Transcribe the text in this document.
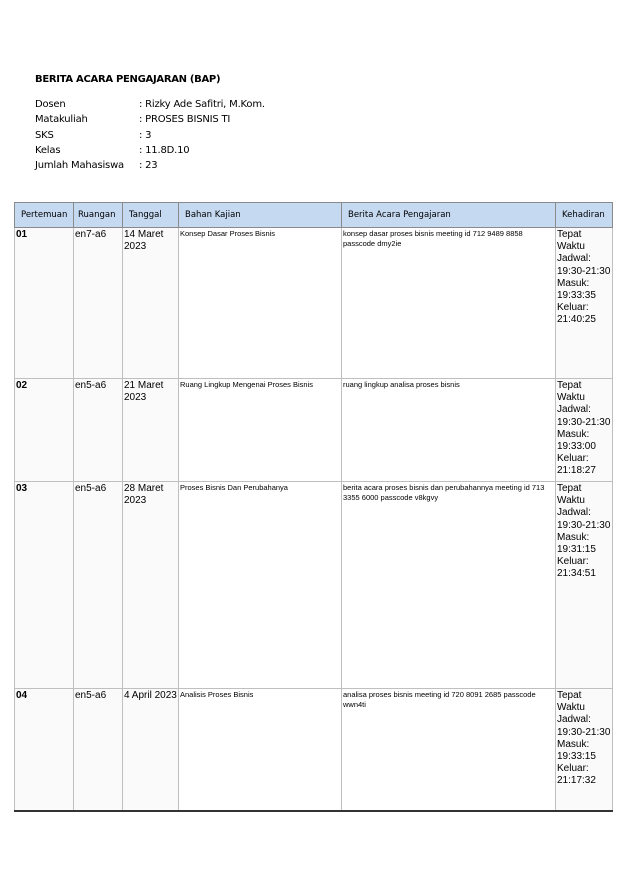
BERITA ACARA PENGAJARAN (BAP)
Dosen	: Rizky Ade Safitri, M.Kom.
Matakuliah	: PROSES BISNIS TI
SKS	: 3
Kelas	: 11.8D.10
Jumlah Mahasiswa	: 23
Pertemuan	Ruangan	Tanggal	Bahan Kajian	Berita Acara Pengajaran	Kehadiran
01	en7-a6	14 Maret 2023	Konsep Dasar Proses Bisnis	konsep dasar proses bisnis meeting id 712 9489 8858 passcode dmy2ie	Tepat Waktu Jadwal: 19:30-21:30 Masuk: 19:33:35 Keluar: 21:40:25
02	en5-a6	21 Maret 2023	Ruang Lingkup Mengenai Proses Bisnis	ruang lingkup analisa proses bisnis	Tepat Waktu Jadwal: 19:30-21:30 Masuk: 19:33:00 Keluar: 21:18:27
03	en5-a6	28 Maret 2023	Proses Bisnis Dan Perubahanya	berita acara proses bisnis dan perubahannya meeting id 713 3355 6000 passcode v8kgvy	Tepat Waktu Jadwal: 19:30-21:30 Masuk: 19:31:15 Keluar: 21:34:51
04	en5-a6	4 April 2023	Analisis Proses Bisnis	analisa proses bisnis meeting id 720 8091 2685 passcode wwn4ti	Tepat Waktu Jadwal: 19:30-21:30 Masuk: 19:33:15 Keluar: 21:17:32
